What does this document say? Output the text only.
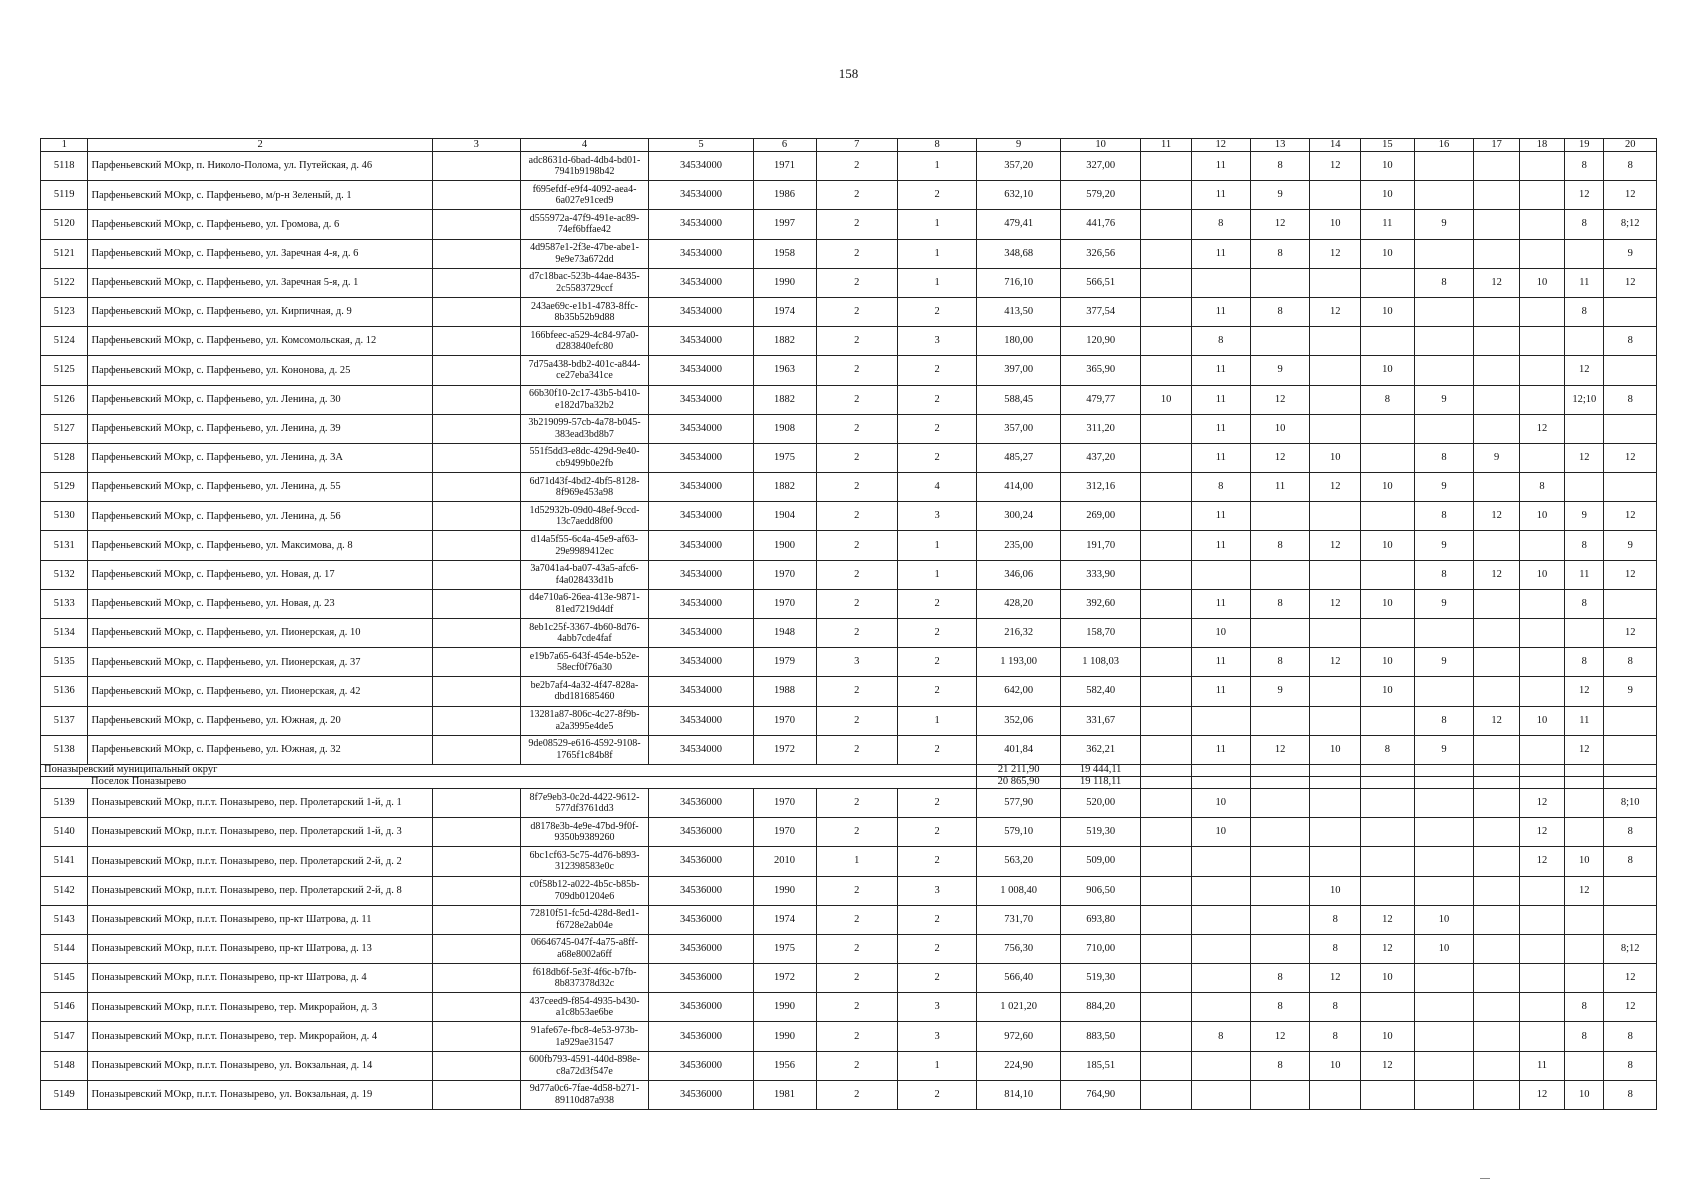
158
1	2	3	4	5	6	7	8	9	10	11	12	13	14	15	16	17	18	19	20
5118	Парфеньевский МОкр, п. Николо-Полома, ул. Путейская, д. 46		adc8631d-6bad-4db4-bd01-7941b9198b42	34534000	1971	2	1	357,20	327,00		11	8	12	10				8	8
5119	Парфеньевский МОкр, с. Парфеньево, м/р-н Зеленый, д. 1		f695efdf-e9f4-4092-aea4-6a027e91ced9	34534000	1986	2	2	632,10	579,20		11	9		10				12	12
5120	Парфеньевский МОкр, с. Парфеньево, ул. Громова, д. 6		d555972a-47f9-491e-ac89-74ef6bffae42	34534000	1997	2	1	479,41	441,76		8	12	10	11	9			8	8;12
5121	Парфеньевский МОкр, с. Парфеньево, ул. Заречная 4-я, д. 6		4d9587e1-2f3e-47be-abe1-9e9e73a672dd	34534000	1958	2	1	348,68	326,56		11	8	12	10					9
5122	Парфеньевский МОкр, с. Парфеньево, ул. Заречная 5-я, д. 1		d7c18bac-523b-44ae-8435-2c5583729ccf	34534000	1990	2	1	716,10	566,51						8	12	10	11	12
5123	Парфеньевский МОкр, с. Парфеньево, ул. Кирпичная, д. 9		243ae69c-e1b1-4783-8ffc-8b35b52b9d88	34534000	1974	2	2	413,50	377,54		11	8	12	10				8	
5124	Парфеньевский МОкр, с. Парфеньево, ул. Комсомольская, д. 12		166bfeec-a529-4c84-97a0-d283840efc80	34534000	1882	2	3	180,00	120,90		8								8
5125	Парфеньевский МОкр, с. Парфеньево, ул. Кононова, д. 25		7d75a438-bdb2-401c-a844-ce27eba341ce	34534000	1963	2	2	397,00	365,90		11	9		10				12	
5126	Парфеньевский МОкр, с. Парфеньево, ул. Ленина, д. 30		66b30f10-2c17-43b5-b410-e182d7ba32b2	34534000	1882	2	2	588,45	479,77	10	11	12		8	9			12;10	8
5127	Парфеньевский МОкр, с. Парфеньево, ул. Ленина, д. 39		3b219099-57cb-4a78-b045-383ead3bd8b7	34534000	1908	2	2	357,00	311,20		11	10					12		
5128	Парфеньевский МОкр, с. Парфеньево, ул. Ленина, д. 3А		551f5dd3-e8dc-429d-9e40-cb9499b0e2fb	34534000	1975	2	2	485,27	437,20		11	12	10		8	9		12	12
5129	Парфеньевский МОкр, с. Парфеньево, ул. Ленина, д. 55		6d71d43f-4bd2-4bf5-8128-8f969e453a98	34534000	1882	2	4	414,00	312,16		8	11	12	10	9		8		
5130	Парфеньевский МОкр, с. Парфеньево, ул. Ленина, д. 56		1d52932b-09d0-48ef-9ccd-13c7aedd8f00	34534000	1904	2	3	300,24	269,00		11				8	12	10	9	12
5131	Парфеньевский МОкр, с. Парфеньево, ул. Максимова, д. 8		d14a5f55-6c4a-45e9-af63-29e9989412ec	34534000	1900	2	1	235,00	191,70		11	8	12	10	9			8	9
5132	Парфеньевский МОкр, с. Парфеньево, ул. Новая, д. 17		3a7041a4-ba07-43a5-afc6-f4a028433d1b	34534000	1970	2	1	346,06	333,90						8	12	10	11	12
5133	Парфеньевский МОкр, с. Парфеньево, ул. Новая, д. 23		d4e710a6-26ea-413e-9871-81ed7219d4df	34534000	1970	2	2	428,20	392,60		11	8	12	10	9			8	
5134	Парфеньевский МОкр, с. Парфеньево, ул. Пионерская, д. 10		8eb1c25f-3367-4b60-8d76-4abb7cde4faf	34534000	1948	2	2	216,32	158,70		10								12
5135	Парфеньевский МОкр, с. Парфеньево, ул. Пионерская, д. 37		e19b7a65-643f-454e-b52e-58ecf0f76a30	34534000	1979	3	2	1 193,00	1 108,03		11	8	12	10	9			8	8
5136	Парфеньевский МОкр, с. Парфеньево, ул. Пионерская, д. 42		be2b7af4-4a32-4f47-828a-dbd181685460	34534000	1988	2	2	642,00	582,40		11	9		10				12	9
5137	Парфеньевский МОкр, с. Парфеньево, ул. Южная, д. 20		13281a87-806c-4c27-8f9b-a2a3995e4de5	34534000	1970	2	1	352,06	331,67						8	12	10	11	
5138	Парфеньевский МОкр, с. Парфеньево, ул. Южная, д. 32		9de08529-e616-4592-9108-1765f1c84b8f	34534000	1972	2	2	401,84	362,21		11	12	10	8	9			12	
Поназыревский муниципальный округ								21 211,90	19 444,11										
Поселок Поназырево								20 865,90	19 118,11										
5139	Поназыревский МОкр, п.г.т. Поназырево, пер. Пролетарский 1-й, д. 1		8f7e9eb3-0c2d-4422-9612-577df3761dd3	34536000	1970	2	2	577,90	520,00		10						12		8;10
5140	Поназыревский МОкр, п.г.т. Поназырево, пер. Пролетарский 1-й, д. 3		d8178e3b-4e9e-47bd-9f0f-9350b9389260	34536000	1970	2	2	579,10	519,30		10						12		8
5141	Поназыревский МОкр, п.г.т. Поназырево, пер. Пролетарский 2-й, д. 2		6bc1cf63-5c75-4d76-b893-312398583e0c	34536000	2010	1	2	563,20	509,00								12	10	8
5142	Поназыревский МОкр, п.г.т. Поназырево, пер. Пролетарский 2-й, д. 8		c0f58b12-a022-4b5c-b85b-709db01204e6	34536000	1990	2	3	1 008,40	906,50				10					12	
5143	Поназыревский МОкр, п.г.т. Поназырево, пр-кт Шатрова, д. 11		72810f51-fc5d-428d-8ed1-f6728e2ab04e	34536000	1974	2	2	731,70	693,80				8	12	10				
5144	Поназыревский МОкр, п.г.т. Поназырево, пр-кт Шатрова, д. 13		06646745-047f-4a75-a8ff-a68e8002a6ff	34536000	1975	2	2	756,30	710,00				8	12	10				8;12
5145	Поназыревский МОкр, п.г.т. Поназырево, пр-кт Шатрова, д. 4		f618db6f-5e3f-4f6c-b7fb-8b837378d32c	34536000	1972	2	2	566,40	519,30			8	12	10					12
5146	Поназыревский МОкр, п.г.т. Поназырево, тер. Микрорайон, д. 3		437ceed9-f854-4935-b430-a1c8b53ae6be	34536000	1990	2	3	1 021,20	884,20			8	8					8	12
5147	Поназыревский МОкр, п.г.т. Поназырево, тер. Микрорайон, д. 4		91afe67e-fbc8-4e53-973b-1a929ae31547	34536000	1990	2	3	972,60	883,50		8	12	8	10				8	8
5148	Поназыревский МОкр, п.г.т. Поназырево, ул. Вокзальная, д. 14		600fb793-4591-440d-898e-c8a72d3f547e	34536000	1956	2	1	224,90	185,51			8	10	12			11		8
5149	Поназыревский МОкр, п.г.т. Поназырево, ул. Вокзальная, д. 19		9d77a0c6-7fae-4d58-b271-89110d87a938	34536000	1981	2	2	814,10	764,90								12	10	8
